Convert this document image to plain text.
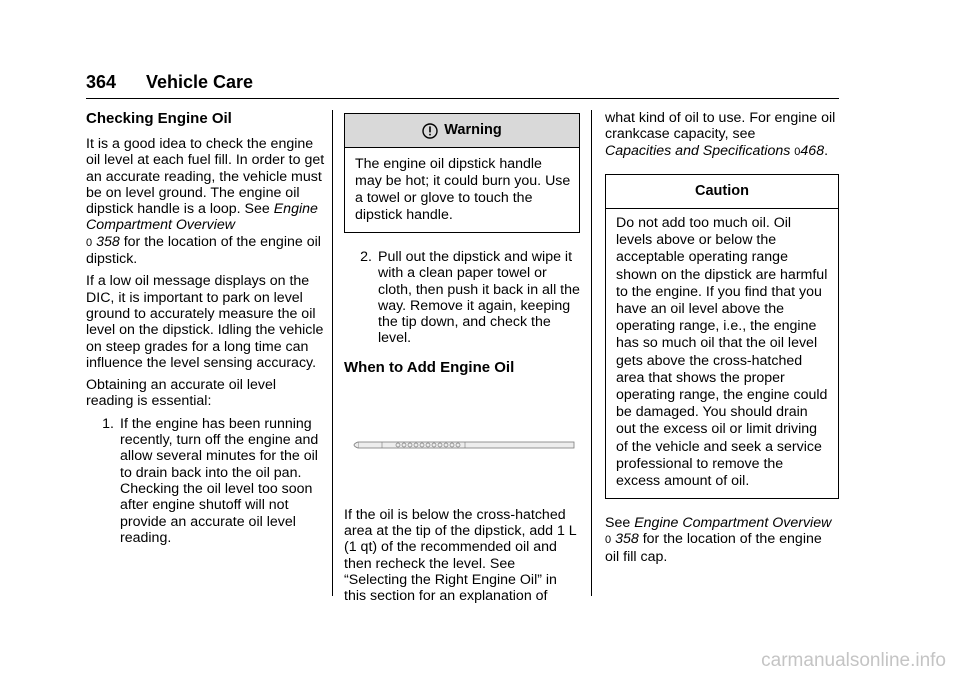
364 Vehicle Care
Checking Engine Oil

It is a good idea to check the engine oil level at each fuel fill. In order to get an accurate reading, the vehicle must be on level ground. The engine oil dipstick handle is a loop. See Engine Compartment Overview
0 358 for the location of the engine oil dipstick.

If a low oil message displays on the DIC, it is important to park on level ground to accurately measure the oil level on the dipstick. Idling the vehicle on steep grades for a long time can influence the level sensing accuracy.

Obtaining an accurate oil level reading is essential:

1. If the engine has been running recently, turn off the engine and allow several minutes for the oil to drain back into the oil pan. Checking the oil level too soon after engine shutoff will not provide an accurate oil level reading.
Warning
The engine oil dipstick handle may be hot; it could burn you. Use a towel or glove to touch the dipstick handle.
2. Pull out the dipstick and wipe it with a clean paper towel or cloth, then push it back in all the way. Remove it again, keeping the tip down, and check the level.
When to Add Engine Oil

If the oil is below the cross-hatched area at the tip of the dipstick, add 1 L (1 qt) of the recommended oil and then recheck the level. See “Selecting the Right Engine Oil” in this section for an explanation of

what kind of oil to use. For engine oil crankcase capacity, see
Capacities and Specifications 0468.

Caution
Do not add too much oil. Oil levels above or below the acceptable operating range shown on the dipstick are harmful to the engine. If you find that you have an oil level above the operating range, i.e., the engine has so much oil that the oil level gets above the cross-hatched area that shows the proper operating range, the engine could be damaged. You should drain out the excess oil or limit driving of the vehicle and seek a service professional to remove the excess amount of oil.

See Engine Compartment Overview
0 358 for the location of the engine oil fill cap.

carmanualsonline.info
